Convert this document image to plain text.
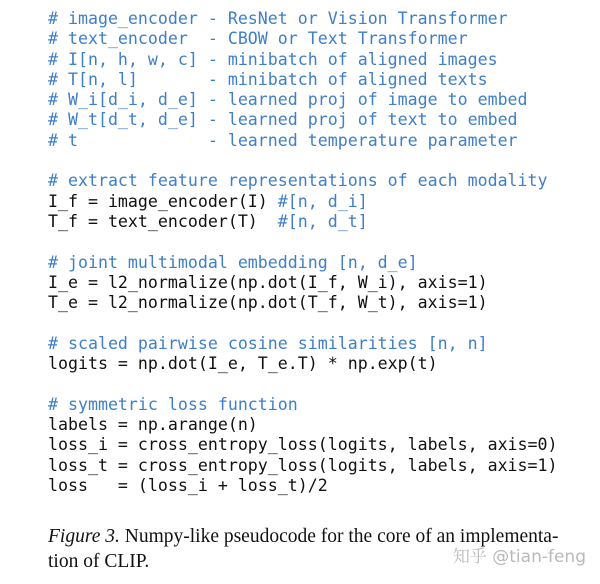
# image_encoder - ResNet or Vision Transformer
# text_encoder  - CBOW or Text Transformer
# I[n, h, w, c] - minibatch of aligned images
# T[n, l]       - minibatch of aligned texts
# W_i[d_i, d_e] - learned proj of image to embed
# W_t[d_t, d_e] - learned proj of text to embed
# t             - learned temperature parameter
# extract feature representations of each modality
I_f = image_encoder(I) #[n, d_i]
T_f = text_encoder(T)  #[n, d_t]
# joint multimodal embedding [n, d_e]
I_e = l2_normalize(np.dot(I_f, W_i), axis=1)
T_e = l2_normalize(np.dot(T_f, W_t), axis=1)
# scaled pairwise cosine similarities [n, n]
logits = np.dot(I_e, T_e.T) * np.exp(t)
# symmetric loss function
labels = np.arange(n)
loss_i = cross_entropy_loss(logits, labels, axis=0)
loss_t = cross_entropy_loss(logits, labels, axis=1)
loss   = (loss_i + loss_t)/2
Figure 3. Numpy-like pseudocode for the core of an implementa- tion of CLIP.	知乎 @tian-feng
